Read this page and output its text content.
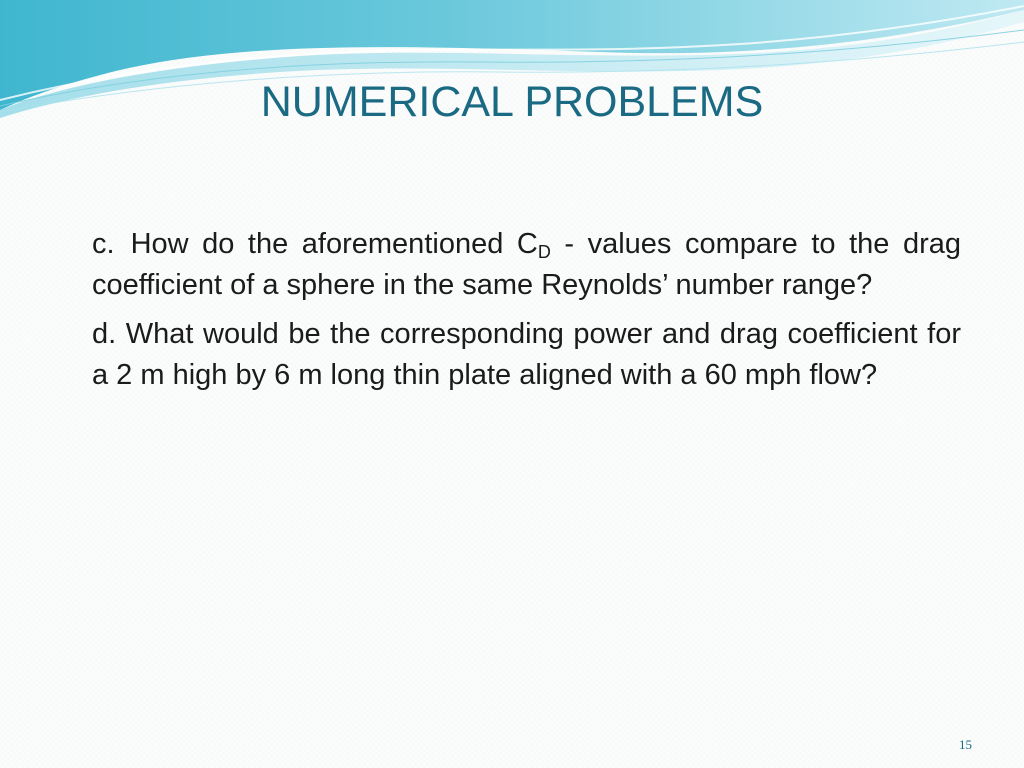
NUMERICAL PROBLEMS

c. How do the aforementioned $C_D$ - values compare to the drag coefficient of a sphere in the same Reynolds’ number range?

d. What would be the corresponding power and drag coefficient for a 2 m high by 6 m long thin plate aligned with a 60 mph flow?

15
